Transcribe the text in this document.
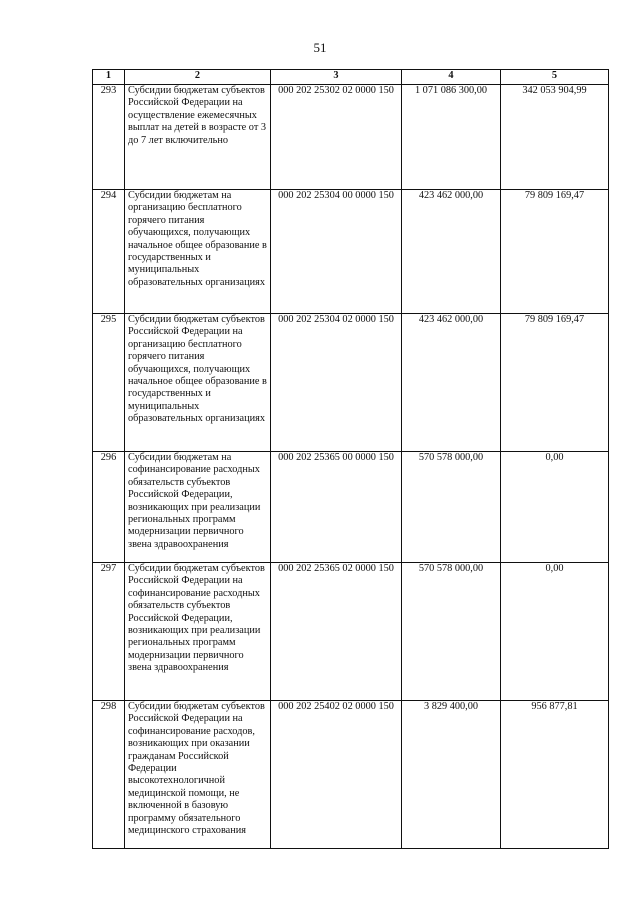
51
1	2	3	4	5
293	Субсидии бюджетам субъектов Российской Федерации на осуществление ежемесячных выплат на детей в возрасте от 3 до 7 лет включительно	000 202 25302 02 0000 150	1 071 086 300,00	342 053 904,99
294	Субсидии бюджетам на организацию бесплатного горячего питания обучающихся, получающих начальное общее образование в государственных и муниципальных образовательных организациях	000 202 25304 00 0000 150	423 462 000,00	79 809 169,47
295	Субсидии бюджетам субъектов Российской Федерации на организацию бесплатного горячего питания обучающихся, получающих начальное общее образование в государственных и муниципальных образовательных организациях	000 202 25304 02 0000 150	423 462 000,00	79 809 169,47
296	Субсидии бюджетам на софинансирование расходных обязательств субъектов Российской Федерации, возникающих при реализации региональных программ модернизации первичного звена здравоохранения	000 202 25365 00 0000 150	570 578 000,00	0,00
297	Субсидии бюджетам субъектов Российской Федерации на софинансирование расходных обязательств субъектов Российской Федерации, возникающих при реализации региональных программ модернизации первичного звена здравоохранения	000 202 25365 02 0000 150	570 578 000,00	0,00
298	Субсидии бюджетам субъектов Российской Федерации на софинансирование расходов, возникающих при оказании гражданам Российской Федерации высокотехнологичной медицинской помощи, не включенной в базовую программу обязательного медицинского страхования	000 202 25402 02 0000 150	3 829 400,00	956 877,81
